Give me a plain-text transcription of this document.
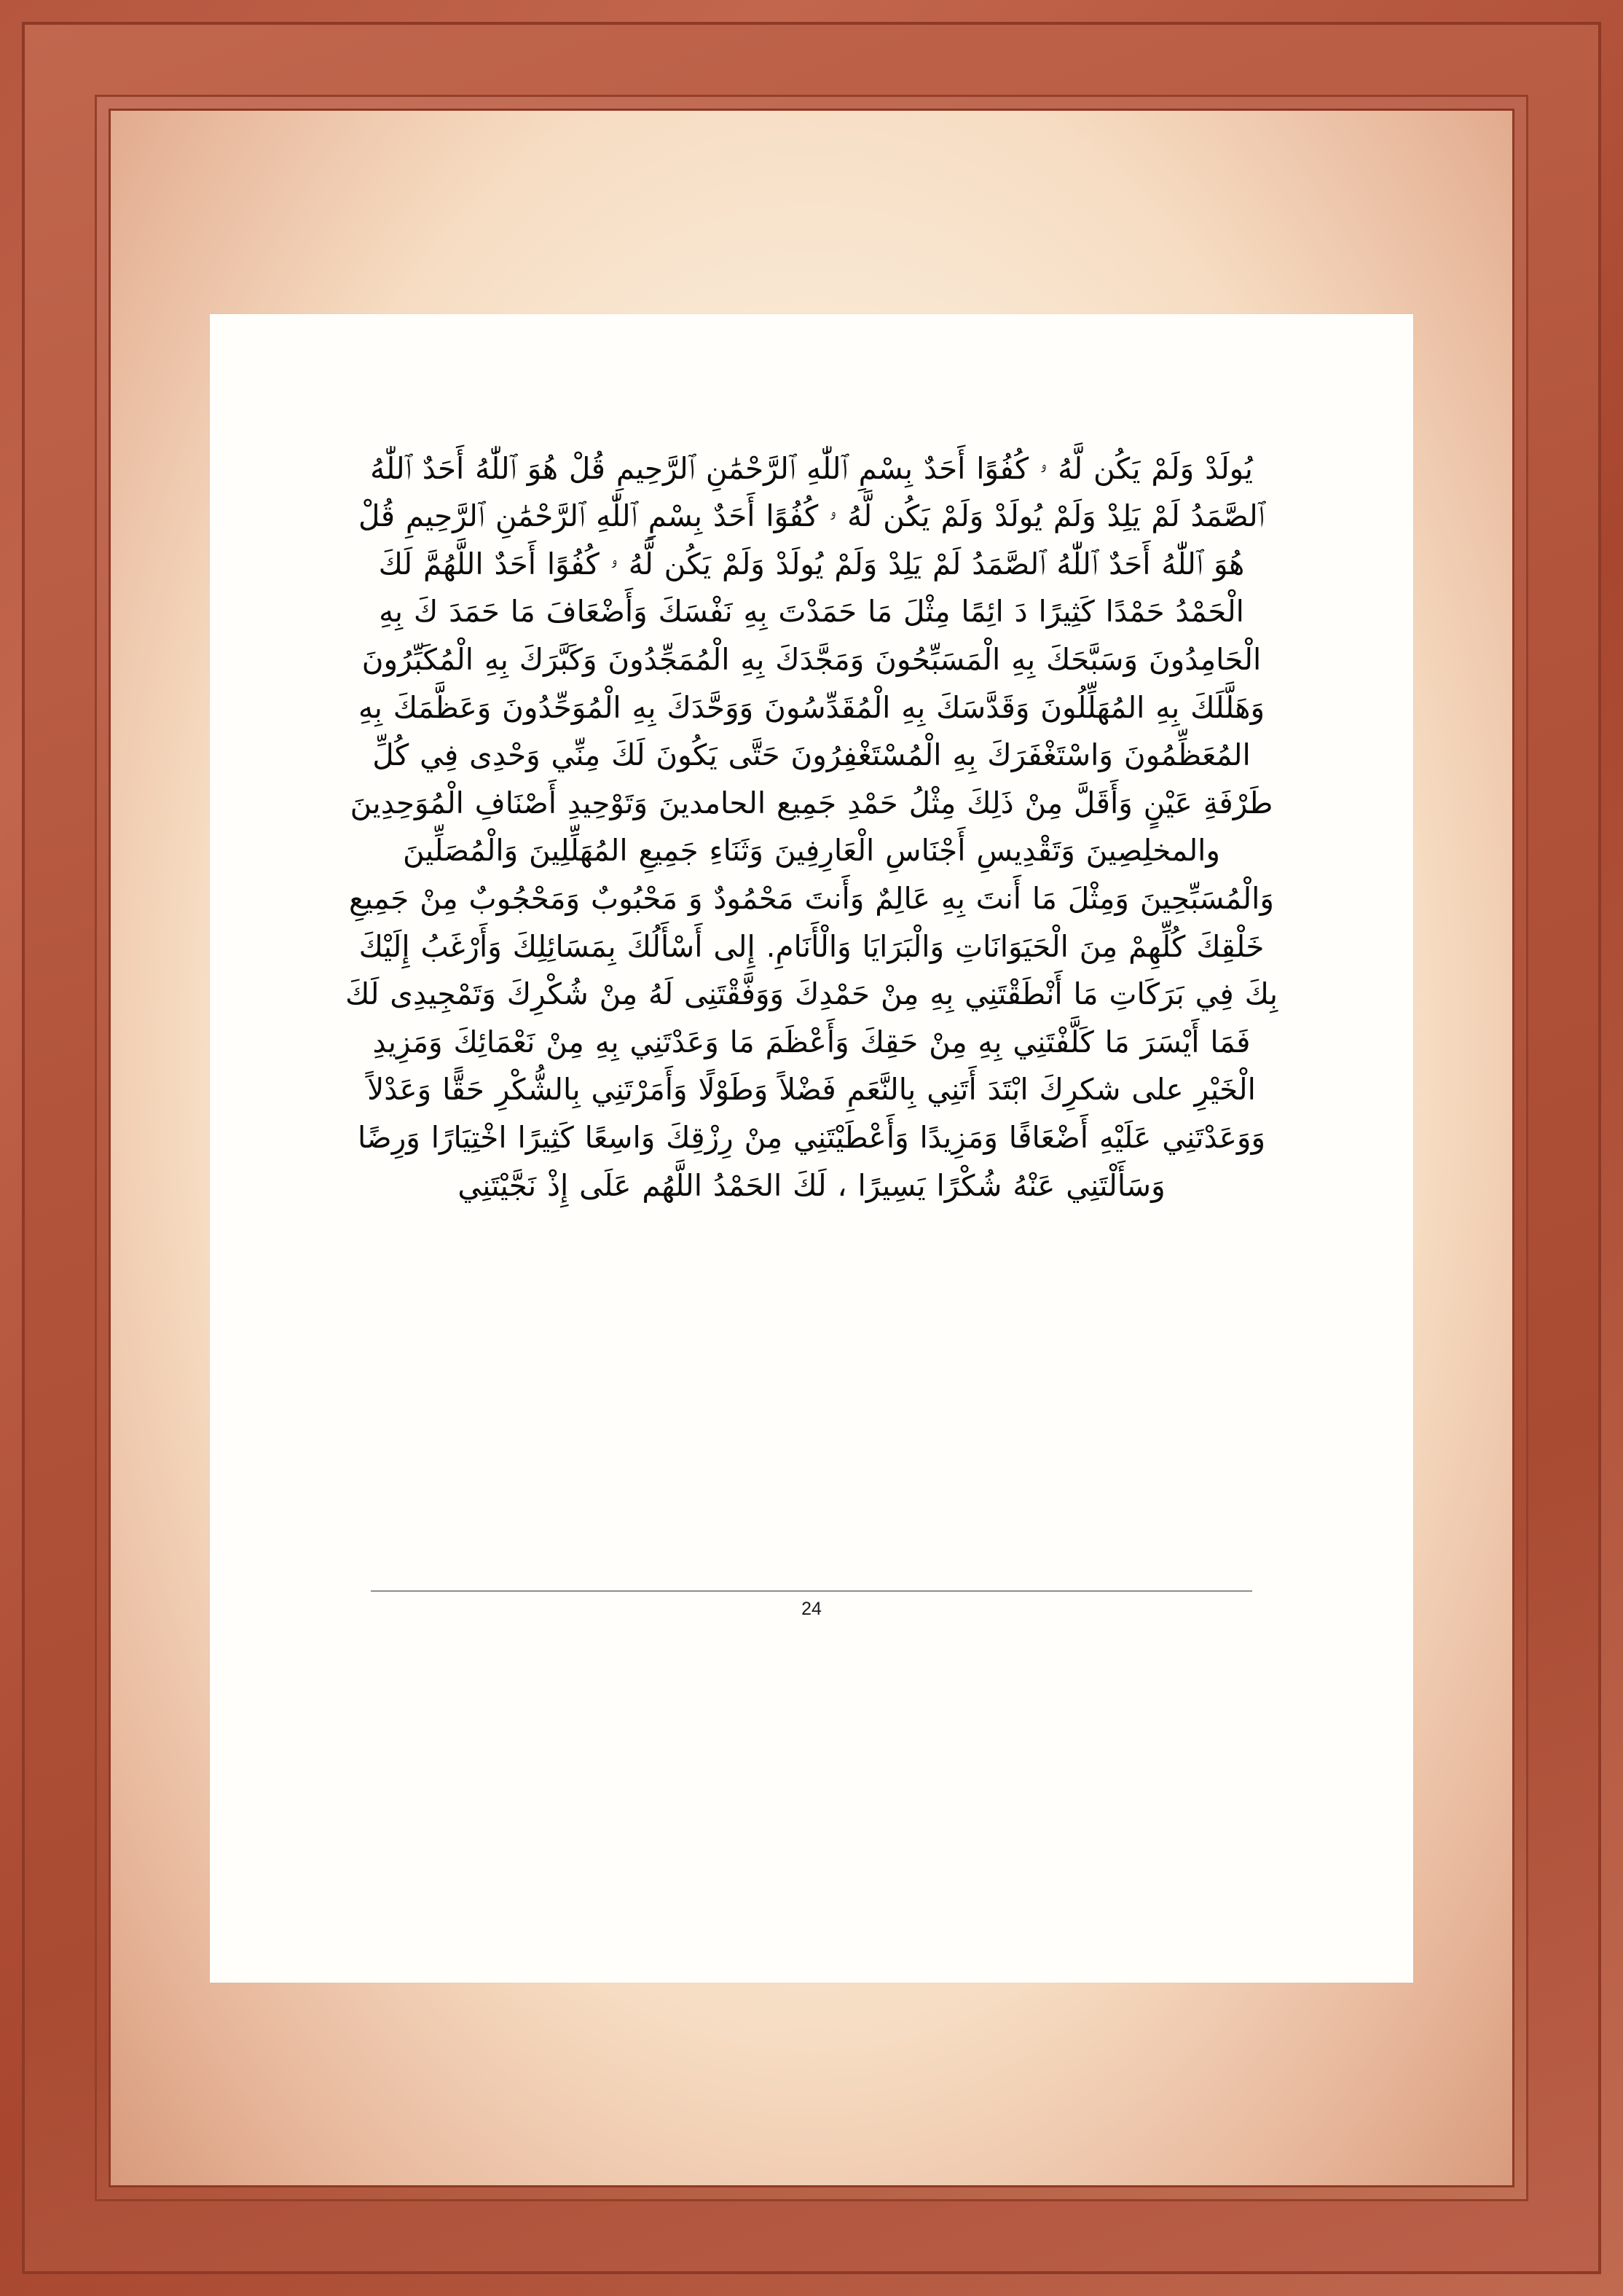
يُولَدْ وَلَمْ يَكُن لَّهُ ۥ كُفُوًا أَحَدٌ بِسْمِ ٱللّٰهِ ٱلرَّحْمَٰنِ ٱلرَّحِيمِ قُلْ هُوَ ٱللّٰهُ أَحَدٌ ٱللّٰهُ ٱلصَّمَدُ لَمْ يَلِدْ وَلَمْ يُولَدْ وَلَمْ يَكُن لَّهُ ۥ كُفُوًا أَحَدٌ بِسْمِ ٱللّٰهِ ٱلرَّحْمَٰنِ ٱلرَّحِيمِ قُلْ هُوَ ٱللّٰهُ أَحَدٌ ٱللّٰهُ ٱلصَّمَدُ لَمْ يَلِدْ وَلَمْ يُولَدْ وَلَمْ يَكُن لَّهُ ۥ كُفُوًا أَحَدٌ اللَّهُمَّ لَكَ الْحَمْدُ حَمْدًا كَثِيرًا دَ ائِمًا مِثْلَ مَا حَمَدْتَ بِهِ نَفْسَكَ وَأَضْعَافَ مَا حَمَدَ كَ بِهِ الْحَامِدُونَ وَسَبَّحَكَ بِهِ الْمَسَبِّحُونَ وَمَجَّدَكَ بِهِ الْمُمَجِّدُونَ وَكَبَّرَكَ بِهِ الْمُكَبِّرُونَ وَهَلَّلَكَ بِهِ المُهَلِّلُونَ وَقَدَّسَكَ بِهِ الْمُقَدِّسُونَ وَوَحَّدَكَ بِهِ الْمُوَحِّدُونَ وَعَظَّمَكَ بِهِ المُعَظِّمُونَ وَاسْتَغْفَرَكَ بِهِ الْمُسْتَغْفِرُونَ حَتَّى يَكُونَ لَكَ مِنِّي وَحْدِى فِي كُلِّ طَرْفَةِ عَيْنٍ وَأَقَلَّ مِنْ ذَلِكَ مِثْلُ حَمْدِ جَمِيع الحامدينَ وَتَوْحِيدِ أَصْنَافِ الْمُوَحِدِينَ والمخلِصِينَ وَتَقْدِيسِ أَجْنَاسِ الْعَارِفِينَ وَثَنَاءِ جَمِيعِ المُهَلِّلِينَ وَالْمُصَلِّينَ وَالْمُسَبِّحِينَ وَمِثْلَ مَا أَنتَ بِهِ عَالِمٌ وَأَنتَ مَحْمُودٌ وَ مَحْبُوبٌ وَمَحْجُوبٌ مِنْ جَمِيعِ خَلْقِكَ كُلِّهِمْ مِنَ الْحَيَوَانَاتِ وَالْبَرَايَا وَالْأَنَامِ. إِلى أَسْأَلُكَ بِمَسَائِلِكَ وَأَرْغَبُ إِلَيْكَ بِكَ فِي بَرَكَاتِ مَا أَنْطَقْتَنِي بِهِ مِنْ حَمْدِكَ وَوَفَّقْتَنِى لَهُ مِنْ شُكْرِكَ وَتَمْجِيدِى لَكَ فَمَا أَيْسَرَ مَا كَلَّفْتَنِي بِهِ مِنْ حَقِكَ وَأَعْظَمَ مَا وَعَدْتَنِي بِهِ مِنْ نَعْمَائِكَ وَمَزِيدِ الْخَيْرِ على شكرِكَ ابْتَدَ أَتَنِي بِالنَّعَمِ فَضْلاً وَطَوْلًا وَأَمَرْتَنِي بِالشُّكْرِ حَقًّا وَعَدْلاً وَوَعَدْتَنِي عَلَيْهِ أَضْعَافًا وَمَزِيدًا وَأَعْطَيْتَنِي مِنْ رِزْقِكَ وَاسِعًا كَثِيرًا اخْتِيَارًا وَرِضًا وَسَأَلْتَنِي عَنْهُ شُكْرًا يَسِيرًا ، لَكَ الحَمْدُ اللَّهُم عَلَى إِذْ نَجَّيْتَنِي
24
